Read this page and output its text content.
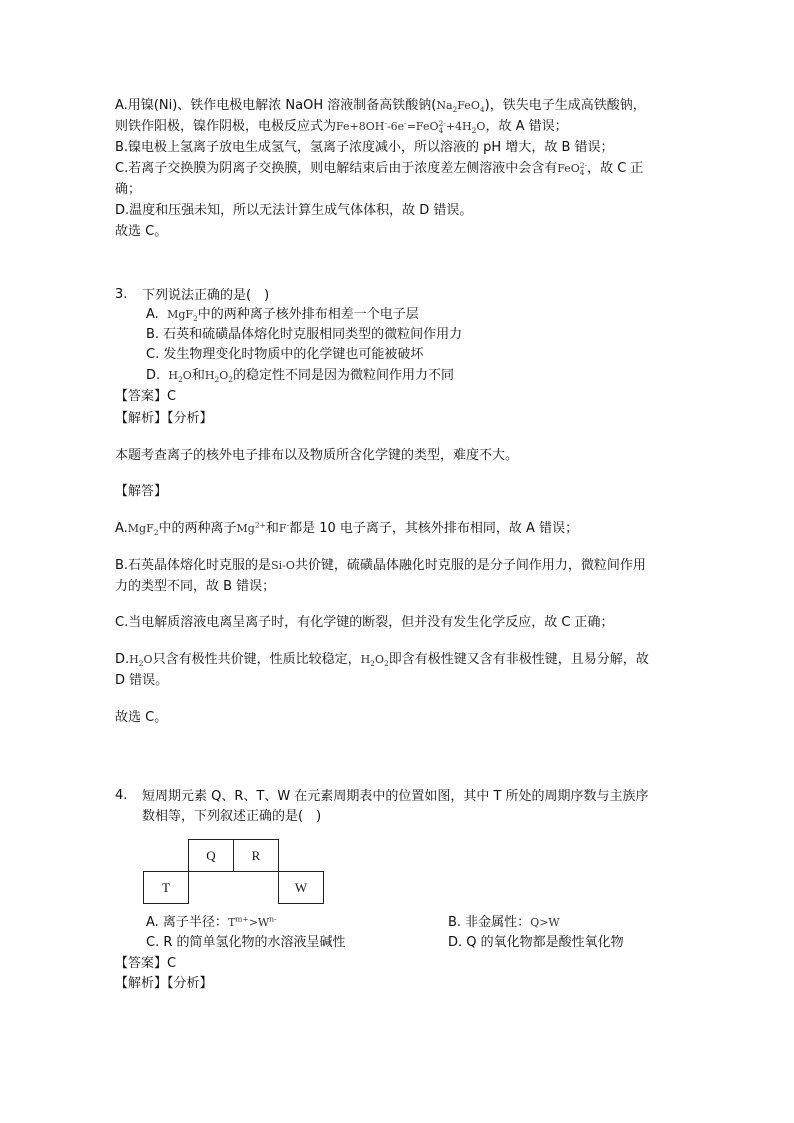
A.用镍(Ni)、铁作电极电解浓 NaOH 溶液制备高铁酸钠$(Na_2FeO_4)$，铁失电子生成高铁酸钠，
则铁作阳极，镍作阴极，电极反应式为Fe+8OH--6e-=FeO 2-
$4 +4H_2O$，故 A 错误；
B.镍电极上氢离子放电生成氢气，氢离子浓度减小，所以溶液的 pH 增大，故 B 错误；
C.若离子交换膜为阴离子交换膜，则电解结束后由于浓度差左侧溶液中会含有FeO 2-
4 ，故 C 正
确；
D.温度和压强未知，所以无法计算生成气体体积，故 D 错误。
故选 C。
3. 下列说法正确的是(　)
A. MgF$_2$中的两种离子核外排布相差一个电子层
B. 石英和硫磺晶体熔化时克服相同类型的微粒间作用力
C. 发生物理变化时物质中的化学键也可能被破坏
D. $H_2O$和$H_2O_2$的稳定性不同是因为微粒间作用力不同
【答案】C
【解析】【分析】
本题考查离子的核外电子排布以及物质所含化学键的类型，难度不大。
【解答】
A.MgF$_2$中的两种离子$Mg^{2+}$和F-都是 10 电子离子，其核外排布相同，故 A 错误；
B.石英晶体熔化时克服的是Si-O共价键，硫磺晶体融化时克服的是分子间作用力，微粒间作用
力的类型不同，故 B 错误；
C.当电解质溶液电离呈离子时，有化学键的断裂，但并没有发生化学反应，故 C 正确；
$D.H_2O$只含有极性共价键，性质比较稳定，$H_2O_2$即含有极性键又含有非极性键，且易分解，故
D 错误。
故选 C。
4. 短周期元素 Q、R、T、W 在元素周期表中的位置如图，其中 T 所处的周期序数与主族序
数相等，下列叙述正确的是(　)
Q	R
T	W
A. 离子半径：$T^{m+}>W^{n-}$	B. 非金属性：Q>W
C. R 的简单氢化物的水溶液呈碱性	D. Q 的氧化物都是酸性氧化物
【答案】C
【解析】【分析】
